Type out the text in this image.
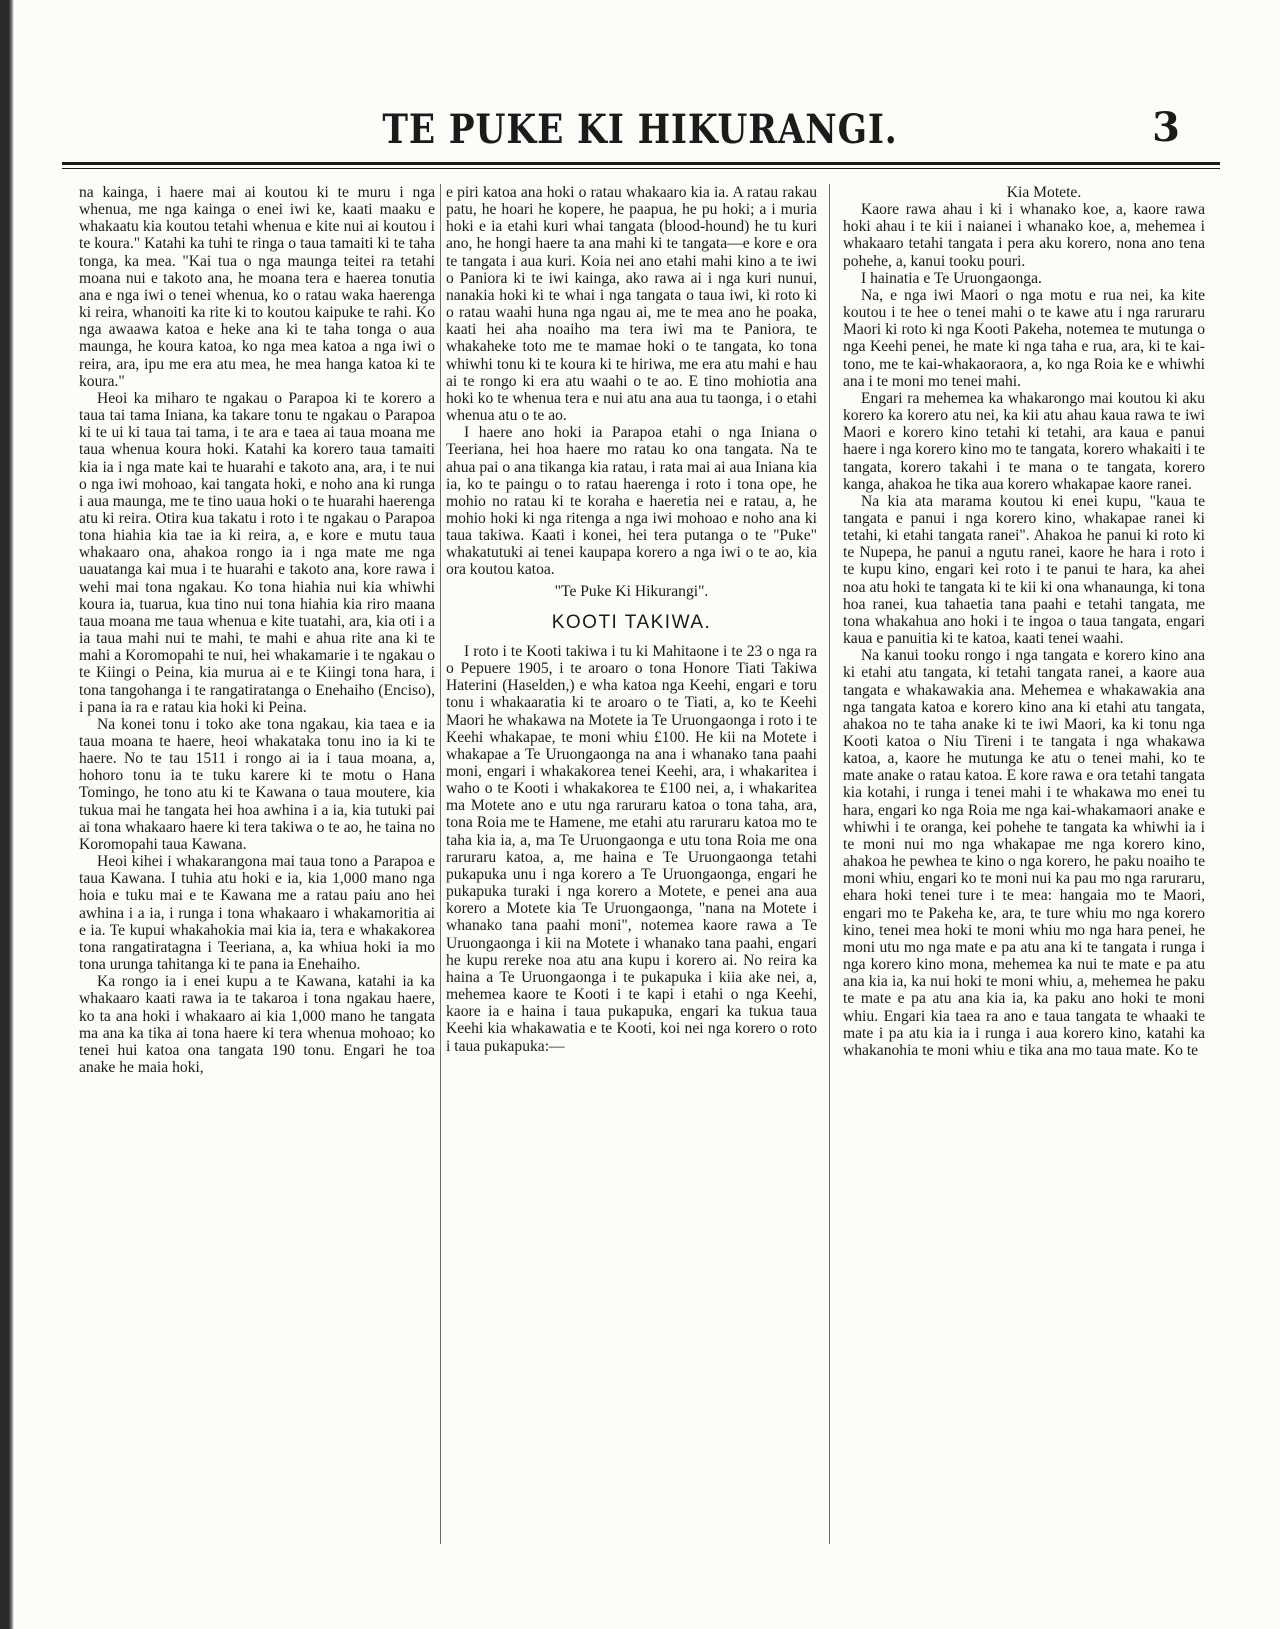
TE PUKE KI HIKURANGI.	3

na kainga, i haere mai ai koutou ki te muru i nga whenua, me nga kainga o enei iwi ke, kaati maaku e whakaatu kia koutou tetahi whenua e kite nui ai koutou i te koura." Katahi ka tuhi te ringa o taua tamaiti ki te taha tonga, ka mea. "Kai tua o nga maunga teitei ra tetahi moana nui e takoto ana, he moana tera e haerea tonutia ana e nga iwi o tenei whenua, ko o ratau waka haerenga ki reira, whanoiti ka rite ki to koutou kaipuke te rahi. Ko nga awaawa katoa e heke ana ki te taha tonga o aua maunga, he koura katoa, ko nga mea katoa a nga iwi o reira, ara, ipu me era atu mea, he mea hanga katoa ki te koura."

Heoi ka miharo te ngakau o Parapoa ki te korero a taua tai tama Iniana, ka takare tonu te ngakau o Parapoa ki te ui ki taua tai tama, i te ara e taea ai taua moana me taua whenua koura hoki. Katahi ka korero taua tamaiti kia ia i nga mate kai te huarahi e takoto ana, ara, i te nui o nga iwi mohoao, kai tangata hoki, e noho ana ki runga i aua maunga, me te tino uaua hoki o te huarahi haerenga atu ki reira. Otira kua takatu i roto i te ngakau o Parapoa tona hiahia kia tae ia ki reira, a, e kore e mutu taua whakaaro ona, ahakoa rongo ia i nga mate me nga uauatanga kai mua i te huarahi e takoto ana, kore rawa i wehi mai tona ngakau. Ko tona hiahia nui kia whiwhi koura ia, tuarua, kua tino nui tona hiahia kia riro maana taua moana me taua whenua e kite tuatahi, ara, kia oti i a ia taua mahi nui te mahi, te mahi e ahua rite ana ki te mahi a Koromopahi te nui, hei whakamarie i te ngakau o te Kiingi o Peina, kia murua ai e te Kiingi tona hara, i tona tangohanga i te rangatiratanga o Enehaiho (Enciso), i pana ia ra e ratau kia hoki ki Peina.

Na konei tonu i toko ake tona ngakau, kia taea e ia taua moana te haere, heoi whakataka tonu ino ia ki te haere. No te tau 1511 i rongo ai ia i taua moana, a, hohoro tonu ia te tuku karere ki te motu o Hana Tomingo, he tono atu ki te Kawana o taua moutere, kia tukua mai he tangata hei hoa awhina i a ia, kia tutuki pai ai tona whakaaro haere ki tera takiwa o te ao, he taina no Koromopahi taua Kawana.

Heoi kihei i whakarangona mai taua tono a Parapoa e taua Kawana. I tuhia atu hoki e ia, kia 1,000 mano nga hoia e tuku mai e te Kawana me a ratau paiu ano hei awhina i a ia, i runga i tona whakaaro i whakamoritia ai e ia. Te kupui whakahokia mai kia ia, tera e whakakorea tona rangatiratagna i Teeriana, a, ka whiua hoki ia mo tona urunga tahitanga ki te pana ia Enehaiho.

Ka rongo ia i enei kupu a te Kawana, katahi ia ka whakaaro kaati rawa ia te takaroa i tona ngakau haere, ko ta ana hoki i whakaaro ai kia 1,000 mano he tangata ma ana ka tika ai tona haere ki tera whenua mohoao; ko tenei hui katoa ona tangata 190 tonu. Engari he toa anake he maia hoki,

e piri katoa ana hoki o ratau whakaaro kia ia. A ratau rakau patu, he hoari he kopere, he paapua, he pu hoki; a i muria hoki e ia etahi kuri whai tangata (blood-hound) he tu kuri ano, he hongi haere ta ana mahi ki te tangata—e kore e ora te tangata i aua kuri. Koia nei ano etahi mahi kino a te iwi o Paniora ki te iwi kainga, ako rawa ai i nga kuri nunui, nanakia hoki ki te whai i nga tangata o taua iwi, ki roto ki o ratau waahi huna nga ngau ai, me te mea ano he poaka, kaati hei aha noaiho ma tera iwi ma te Paniora, te whakaheke toto me te mamae hoki o te tangata, ko tona whiwhi tonu ki te koura ki te hiriwa, me era atu mahi e hau ai te rongo ki era atu waahi o te ao. E tino mohiotia ana hoki ko te whenua tera e nui atu ana aua tu taonga, i o etahi whenua atu o te ao.

I haere ano hoki ia Parapoa etahi o nga Iniana o Teeriana, hei hoa haere mo ratau ko ona tangata. Na te ahua pai o ana tikanga kia ratau, i rata mai ai aua Iniana kia ia, ko te paingu o to ratau haerenga i roto i tona ope, he mohio no ratau ki te koraha e haeretia nei e ratau, a, he mohio hoki ki nga ritenga a nga iwi mohoao e noho ana ki taua takiwa. Kaati i konei, hei tera putanga o te "Puke" whakatutuki ai tenei kaupapa korero a nga iwi o te ao, kia ora koutou katoa.

"Te Puke Ki Hikurangi".

KOOTI TAKIWA.

I roto i te Kooti takiwa i tu ki Mahitaone i te 23 o nga ra o Pepuere 1905, i te aroaro o tona Honore Tiati Takiwa Haterini (Haselden,) e wha katoa nga Keehi, engari e toru tonu i whakaaratia ki te aroaro o te Tiati, a, ko te Keehi Maori he whakawa na Motete ia Te Uruongaonga i roto i te Keehi whakapae, te moni whiu £100. He kii na Motete i whakapae a Te Uruongaonga na ana i whanako tana paahi moni, engari i whakakorea tenei Keehi, ara, i whakaritea i waho o te Kooti i whakakorea te £100 nei, a, i whakaritea ma Motete ano e utu nga raruraru katoa o tona taha, ara, tona Roia me te Hamene, me etahi atu raruraru katoa mo te taha kia ia, a, ma Te Uruongaonga e utu tona Roia me ona raruraru katoa, a, me haina e Te Uruongaonga tetahi pukapuka unu i nga korero a Te Uruongaonga, engari he pukapuka turaki i nga korero a Motete, e penei ana aua korero a Motete kia Te Uruongaonga, "nana na Motete i whanako tana paahi moni", notemea kaore rawa a Te Uruongaonga i kii na Motete i whanako tana paahi, engari he kupu rereke noa atu ana kupu i korero ai. No reira ka haina a Te Uruongaonga i te pukapuka i kiia ake nei, a, mehemea kaore te Kooti i te kapi i etahi o nga Keehi, kaore ia e haina i taua pukapuka, engari ka tukua taua Keehi kia whakawatia e te Kooti, koi nei nga korero o roto i taua pukapuka:—

Kia Motete.

Kaore rawa ahau i ki i whanako koe, a, kaore rawa hoki ahau i te kii i naianei i whanako koe, a, mehemea i whakaaro tetahi tangata i pera aku korero, nona ano tena pohehe, a, kanui tooku pouri.

I hainatia e Te Uruongaonga.

Na, e nga iwi Maori o nga motu e rua nei, ka kite koutou i te hee o tenei mahi o te kawe atu i nga raruraru Maori ki roto ki nga Kooti Pakeha, notemea te mutunga o nga Keehi penei, he mate ki nga taha e rua, ara, ki te kai-tono, me te kai-whakaoraora, a, ko nga Roia ke e whiwhi ana i te moni mo tenei mahi.

Engari ra mehemea ka whakarongo mai koutou ki aku korero ka korero atu nei, ka kii atu ahau kaua rawa te iwi Maori e korero kino tetahi ki tetahi, ara kaua e panui haere i nga korero kino mo te tangata, korero whakaiti i te tangata, korero takahi i te mana o te tangata, korero kanga, ahakoa he tika aua korero whakapae kaore ranei.

Na kia ata marama koutou ki enei kupu, "kaua te tangata e panui i nga korero kino, whakapae ranei ki tetahi, ki etahi tangata ranei". Ahakoa he panui ki roto ki te Nupepa, he panui a ngutu ranei, kaore he hara i roto i te kupu kino, engari kei roto i te panui te hara, ka ahei noa atu hoki te tangata ki te kii ki ona whanaunga, ki tona hoa ranei, kua tahaetia tana paahi e tetahi tangata, me tona whakahua ano hoki i te ingoa o taua tangata, engari kaua e panuitia ki te katoa, kaati tenei waahi.

Na kanui tooku rongo i nga tangata e korero kino ana ki etahi atu tangata, ki tetahi tangata ranei, a kaore aua tangata e whakawakia ana. Mehemea e whakawakia ana nga tangata katoa e korero kino ana ki etahi atu tangata, ahakoa no te taha anake ki te iwi Maori, ka ki tonu nga Kooti katoa o Niu Tireni i te tangata i nga whakawa katoa, a, kaore he mutunga ke atu o tenei mahi, ko te mate anake o ratau katoa. E kore rawa e ora tetahi tangata kia kotahi, i runga i tenei mahi i te whakawa mo enei tu hara, engari ko nga Roia me nga kai-whakamaori anake e whiwhi i te oranga, kei pohehe te tangata ka whiwhi ia i te moni nui mo nga whakapae me nga korero kino, ahakoa he pewhea te kino o nga korero, he paku noaiho te moni whiu, engari ko te moni nui ka pau mo nga raruraru, ehara hoki tenei ture i te mea: hangaia mo te Maori, engari mo te Pakeha ke, ara, te ture whiu mo nga korero kino, tenei mea hoki te moni whiu mo nga hara penei, he moni utu mo nga mate e pa atu ana ki te tangata i runga i nga korero kino mona, mehemea ka nui te mate e pa atu ana kia ia, ka nui hoki te moni whiu, a, mehemea he paku te mate e pa atu ana kia ia, ka paku ano hoki te moni whiu. Engari kia taea ra ano e taua tangata te whaaki te mate i pa atu kia ia i runga i aua korero kino, katahi ka whakanohia te moni whiu e tika ana mo taua mate. Ko te
